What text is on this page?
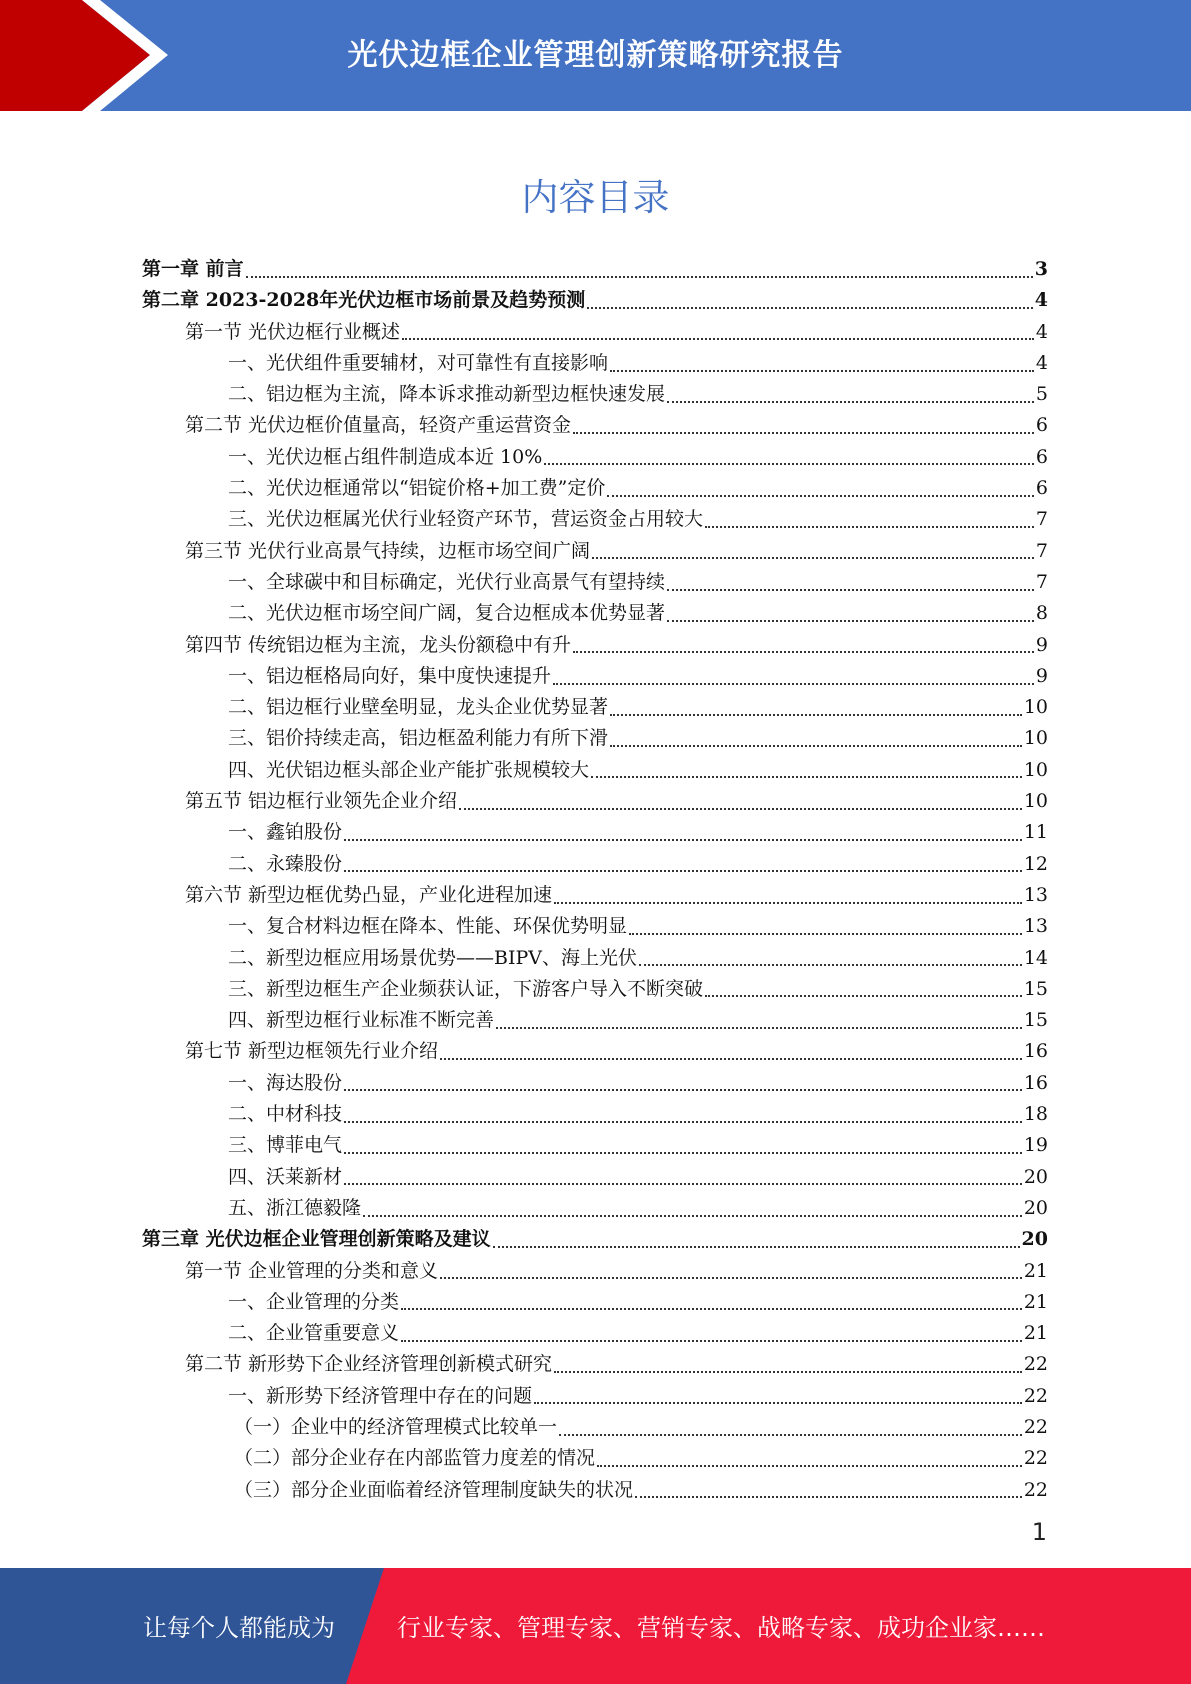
光伏边框企业管理创新策略研究报告
内容目录
第一章 前言	3
第二章 2023-2028年光伏边框市场前景及趋势预测	4
第一节 光伏边框行业概述	4
一、光伏组件重要辅材，对可靠性有直接影响	4
二、铝边框为主流，降本诉求推动新型边框快速发展	5
第二节 光伏边框价值量高，轻资产重运营资金	6
一、光伏边框占组件制造成本近 10%	6
二、光伏边框通常以“铝锭价格+加工费”定价	6
三、光伏边框属光伏行业轻资产环节，营运资金占用较大	7
第三节 光伏行业高景气持续，边框市场空间广阔	7
一、全球碳中和目标确定，光伏行业高景气有望持续	7
二、光伏边框市场空间广阔，复合边框成本优势显著	8
第四节 传统铝边框为主流，龙头份额稳中有升	9
一、铝边框格局向好，集中度快速提升	9
二、铝边框行业壁垒明显，龙头企业优势显著	10
三、铝价持续走高，铝边框盈利能力有所下滑	10
四、光伏铝边框头部企业产能扩张规模较大	10
第五节 铝边框行业领先企业介绍	10
一、鑫铂股份	11
二、永臻股份	12
第六节 新型边框优势凸显，产业化进程加速	13
一、复合材料边框在降本、性能、环保优势明显	13
二、新型边框应用场景优势——BIPV、海上光伏	14
三、新型边框生产企业频获认证，下游客户导入不断突破	15
四、新型边框行业标准不断完善	15
第七节 新型边框领先行业介绍	16
一、海达股份	16
二、中材科技	18
三、博菲电气	19
四、沃莱新材	20
五、浙江德毅隆	20
第三章 光伏边框企业管理创新策略及建议	20
第一节 企业管理的分类和意义	21
一、企业管理的分类	21
二、企业管重要意义	21
第二节 新形势下企业经济管理创新模式研究	22
一、新形势下经济管理中存在的问题	22
（一）企业中的经济管理模式比较单一	22
（二）部分企业存在内部监管力度差的情况	22
（三）部分企业面临着经济管理制度缺失的状况	22
1
让每个人都能成为	行业专家、管理专家、营销专家、战略专家、成功企业家……
